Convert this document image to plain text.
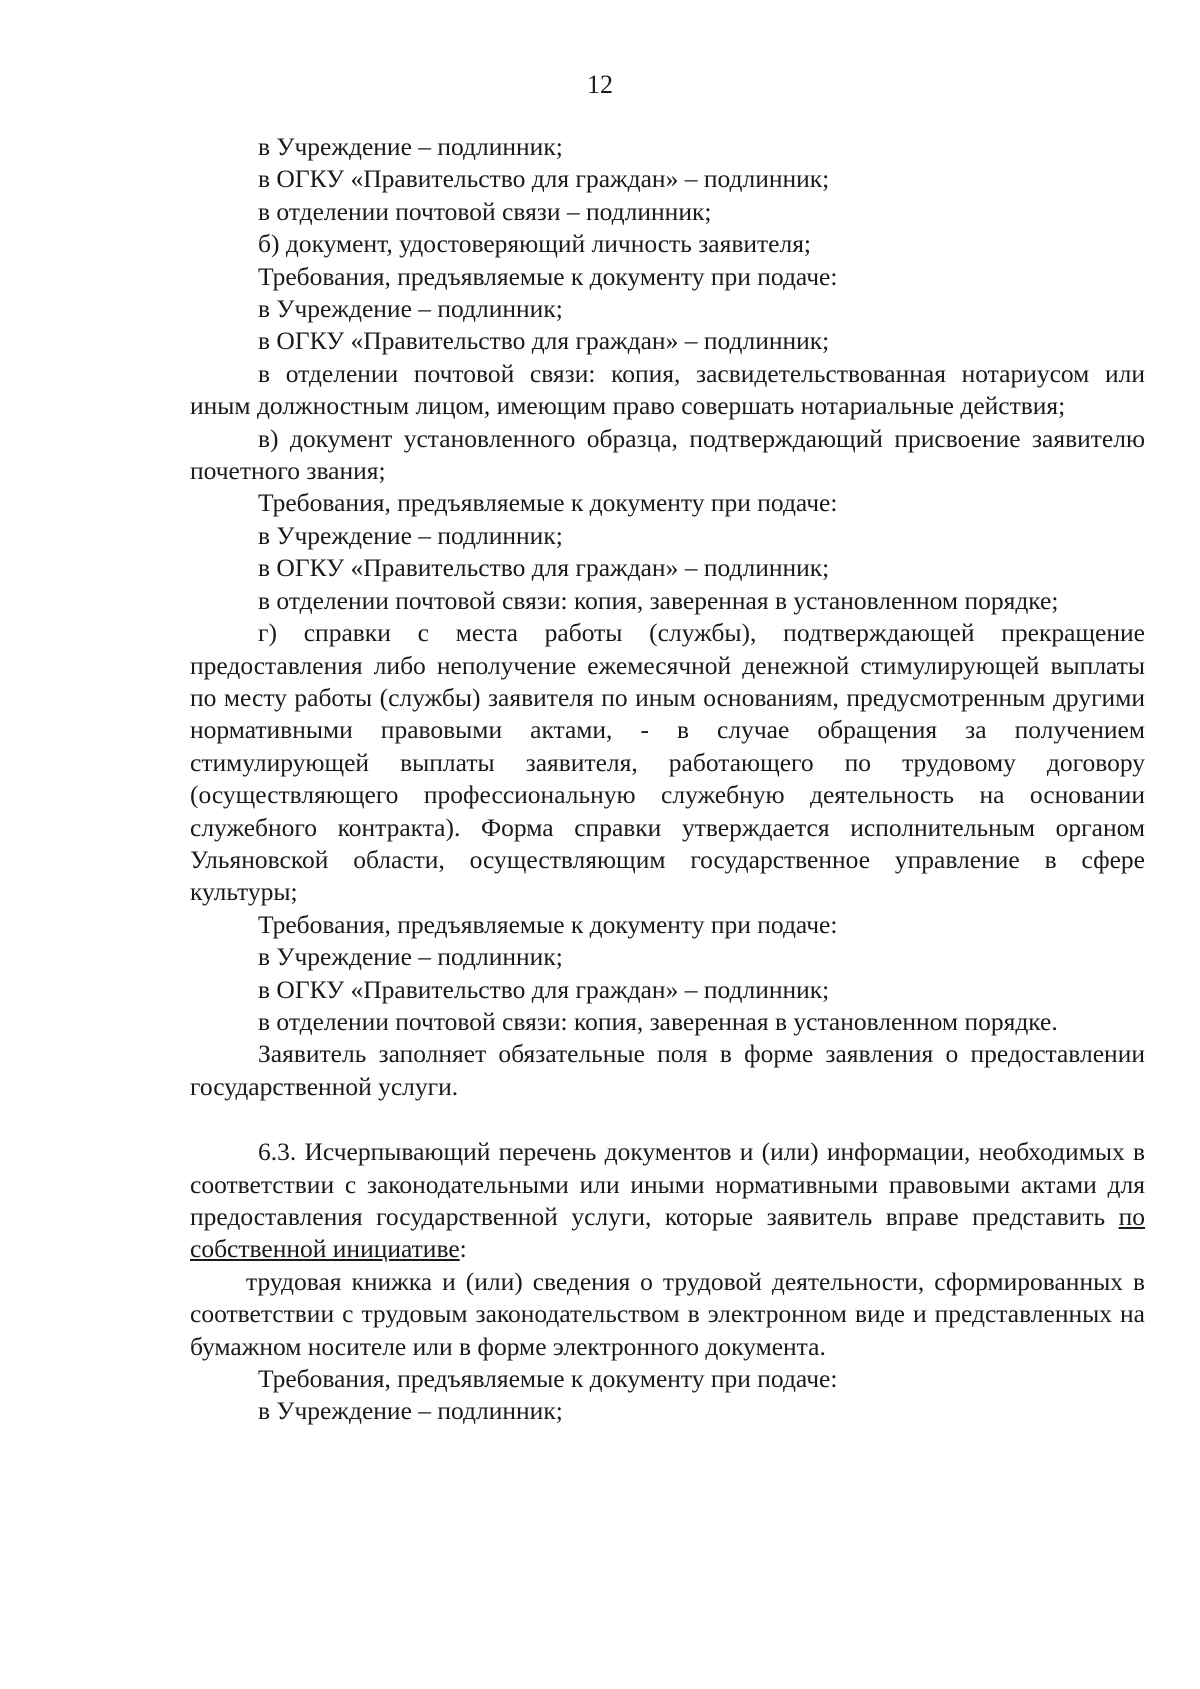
12

в Учреждение – подлинник;

в ОГКУ «Правительство для граждан» – подлинник;

в отделении почтовой связи – подлинник;

б) документ, удостоверяющий личность заявителя;

Требования, предъявляемые к документу при подаче:

в Учреждение – подлинник;

в ОГКУ «Правительство для граждан» – подлинник;

в отделении почтовой связи: копия, засвидетельствованная нотариусом или иным должностным лицом, имеющим право совершать нотариальные действия;

в) документ установленного образца, подтверждающий присвоение заявителю почетного звания;

Требования, предъявляемые к документу при подаче:

в Учреждение – подлинник;

в ОГКУ «Правительство для граждан» – подлинник;

в отделении почтовой связи: копия, заверенная в установленном порядке;

г) справки с места работы (службы), подтверждающей прекращение предоставления либо неполучение ежемесячной денежной стимулирующей выплаты по месту работы (службы) заявителя по иным основаниям, предусмотренным другими нормативными правовыми актами, - в случае обращения за получением стимулирующей выплаты заявителя, работающего по трудовому договору (осуществляющего профессиональную служебную деятельность на основании служебного контракта). Форма справки утверждается исполнительным органом Ульяновской области, осуществляющим государственное управление в сфере культуры;

Требования, предъявляемые к документу при подаче:

в Учреждение – подлинник;

в ОГКУ «Правительство для граждан» – подлинник;

в отделении почтовой связи: копия, заверенная в установленном порядке.

Заявитель заполняет обязательные поля в форме заявления о предоставлении государственной услуги.

6.3. Исчерпывающий перечень документов и (или) информации, необходимых в соответствии с законодательными или иными нормативными правовыми актами для предоставления государственной услуги, которые заявитель вправе представить по собственной инициативе:

трудовая книжка и (или) сведения о трудовой деятельности, сформированных в соответствии с трудовым законодательством в электронном виде и представленных на бумажном носителе или в форме электронного документа.

Требования, предъявляемые к документу при подаче:

в Учреждение – подлинник;
